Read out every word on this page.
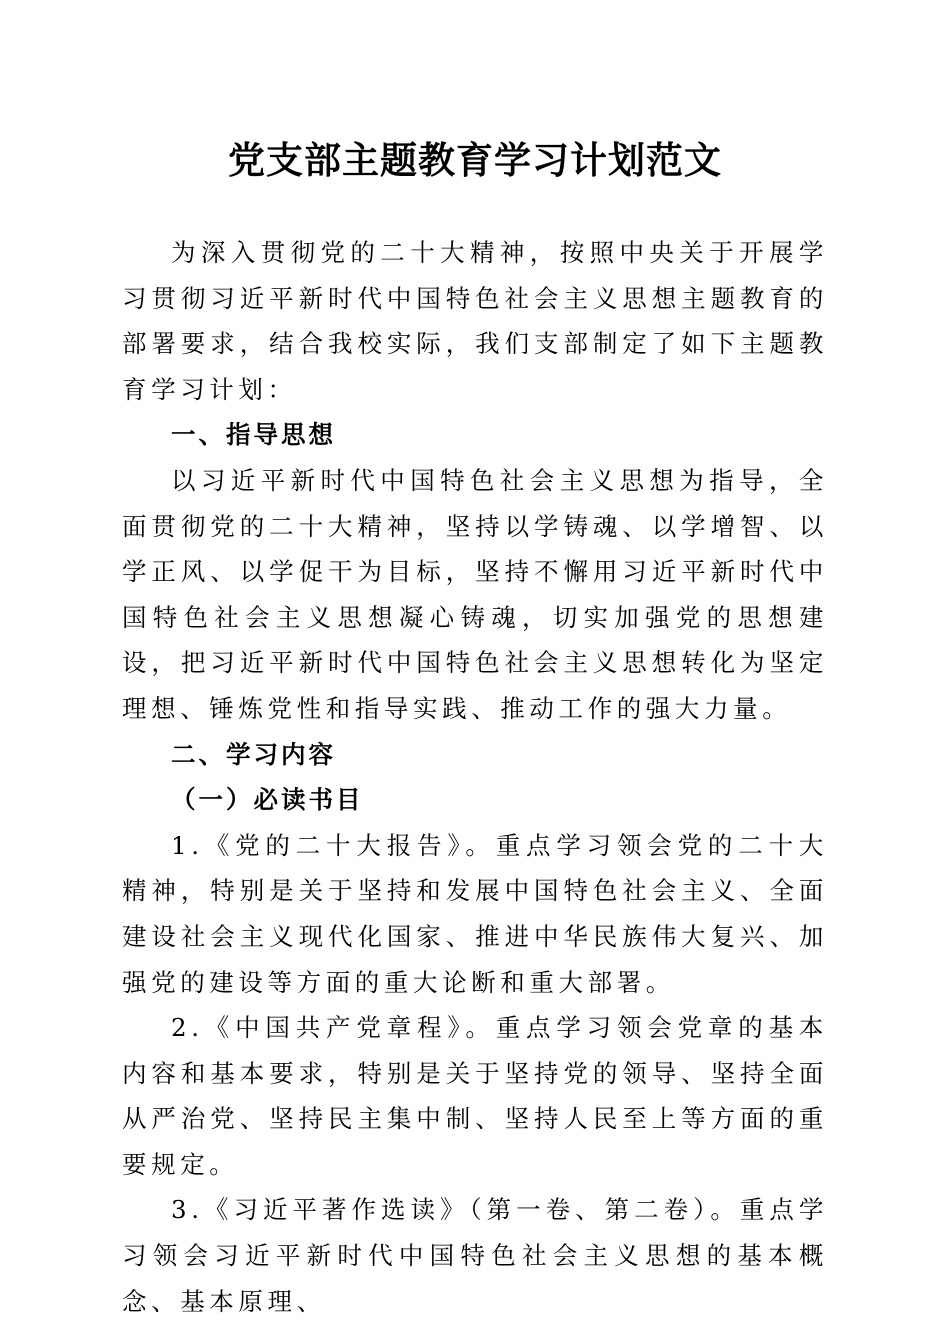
党支部主题教育学习计划范文

为深入贯彻党的二十大精神，按照中央关于开展学习贯彻习近平新时代中国特色社会主义思想主题教育的部署要求，结合我校实际，我们支部制定了如下主题教育学习计划：

一、指导思想

以习近平新时代中国特色社会主义思想为指导，全面贯彻党的二十大精神，坚持以学铸魂、以学增智、以学正风、以学促干为目标，坚持不懈用习近平新时代中国特色社会主义思想凝心铸魂，切实加强党的思想建设，把习近平新时代中国特色社会主义思想转化为坚定理想、锤炼党性和指导实践、推动工作的强大力量。

二、学习内容
（一）必读书目

1.《党的二十大报告》。重点学习领会党的二十大精神，特别是关于坚持和发展中国特色社会主义、全面建设社会主义现代化国家、推进中华民族伟大复兴、加强党的建设等方面的重大论断和重大部署。

2.《中国共产党章程》。重点学习领会党章的基本内容和基本要求，特别是关于坚持党的领导、坚持全面从严治党、坚持民主集中制、坚持人民至上等方面的重要规定。

3.《习近平著作选读》（第一卷、第二卷）。重点学习领会习近平新时代中国特色社会主义思想的基本概念、基本原理、
